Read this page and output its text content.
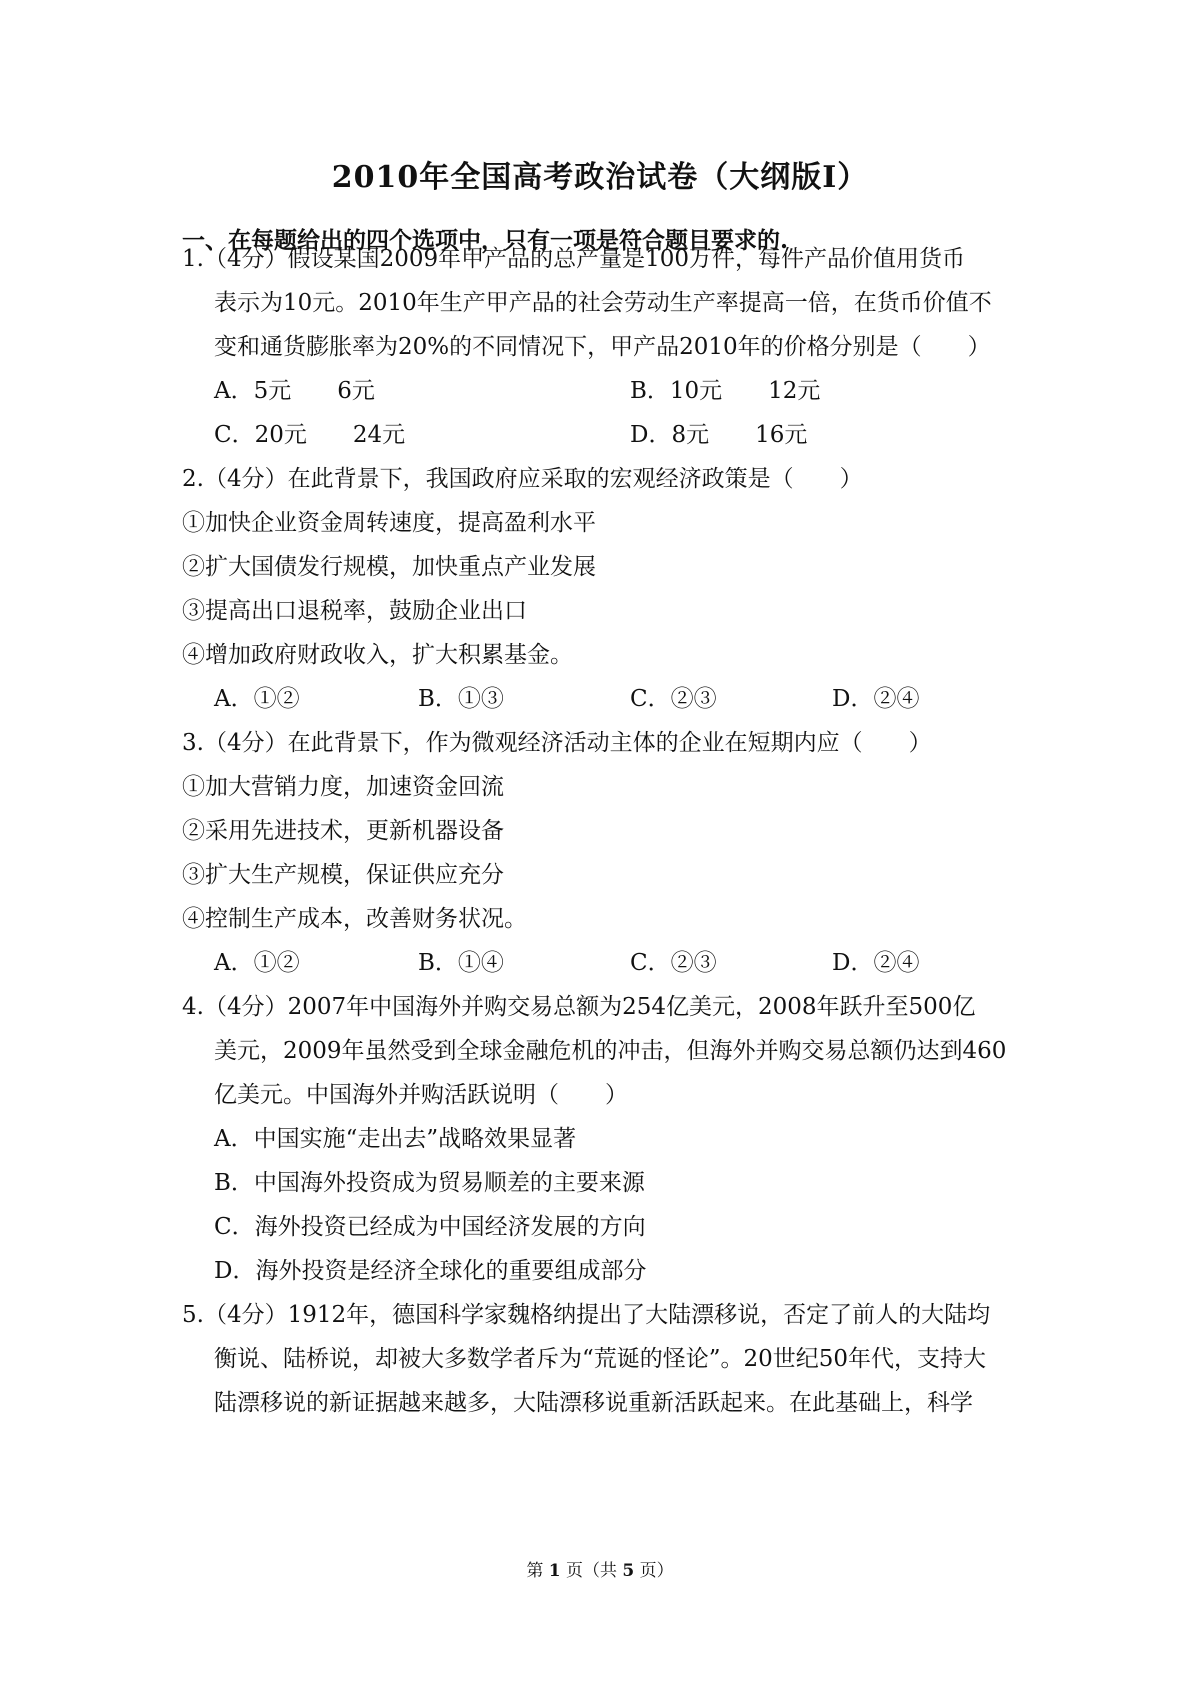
2010年全国高考政治试卷（大纲版Ⅰ）
一、在每题给出的四个选项中，只有一项是符合题目要求的.
1.（4分）假设某国2009年甲产品的总产量是100万件，每件产品价值用货币
表示为10元。2010年生产甲产品的社会劳动生产率提高一倍，在货币价值不
变和通货膨胀率为20%的不同情况下，甲产品2010年的价格分别是（　　）
A．5元　　6元	B．10元　　12元
C．20元　　24元	D．8元　　16元
2.（4分）在此背景下，我国政府应采取的宏观经济政策是（　　）
①加快企业资金周转速度，提高盈利水平
②扩大国债发行规模，加快重点产业发展
③提高出口退税率，鼓励企业出口
④增加政府财政收入，扩大积累基金。
A．①②	B．①③	C．②③	D．②④
3.（4分）在此背景下，作为微观经济活动主体的企业在短期内应（　　）
①加大营销力度，加速资金回流
②采用先进技术，更新机器设备
③扩大生产规模，保证供应充分
④控制生产成本，改善财务状况。
A．①②	B．①④	C．②③	D．②④
4.（4分）2007年中国海外并购交易总额为254亿美元，2008年跃升至500亿
美元，2009年虽然受到全球金融危机的冲击，但海外并购交易总额仍达到460
亿美元。中国海外并购活跃说明（　　）
A．中国实施“走出去”战略效果显著
B．中国海外投资成为贸易顺差的主要来源
C．海外投资已经成为中国经济发展的方向
D．海外投资是经济全球化的重要组成部分
5.（4分）1912年，德国科学家魏格纳提出了大陆漂移说，否定了前人的大陆均
衡说、陆桥说，却被大多数学者斥为“荒诞的怪论”。20世纪50年代，支持大
陆漂移说的新证据越来越多，大陆漂移说重新活跃起来。在此基础上，科学
第 1 页（共 5 页）
